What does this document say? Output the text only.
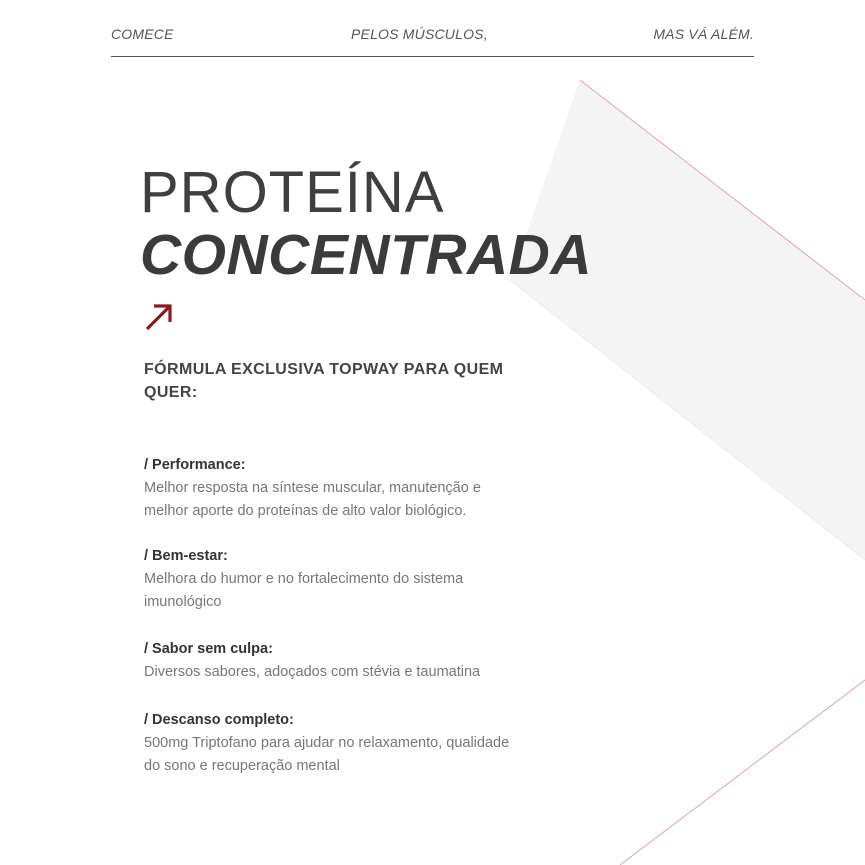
COMECE	PELOS MÚSCULOS,	MAS VÁ ALÉM.
PROTEÍNA
CONCENTRADA
FÓRMULA EXCLUSIVA TOPWAY PARA QUEM QUER:
/ Performance:

Melhor resposta na síntese muscular, manutenção e melhor aporte do proteínas de alto valor biológico.

/ Bem-estar:

Melhora do humor e no fortalecimento do sistema imunológico

/ Sabor sem culpa:

Diversos sabores, adoçados com stévia e taumatina

/ Descanso completo:

500mg Triptofano para ajudar no relaxamento, qualidade do sono e recuperação mental
